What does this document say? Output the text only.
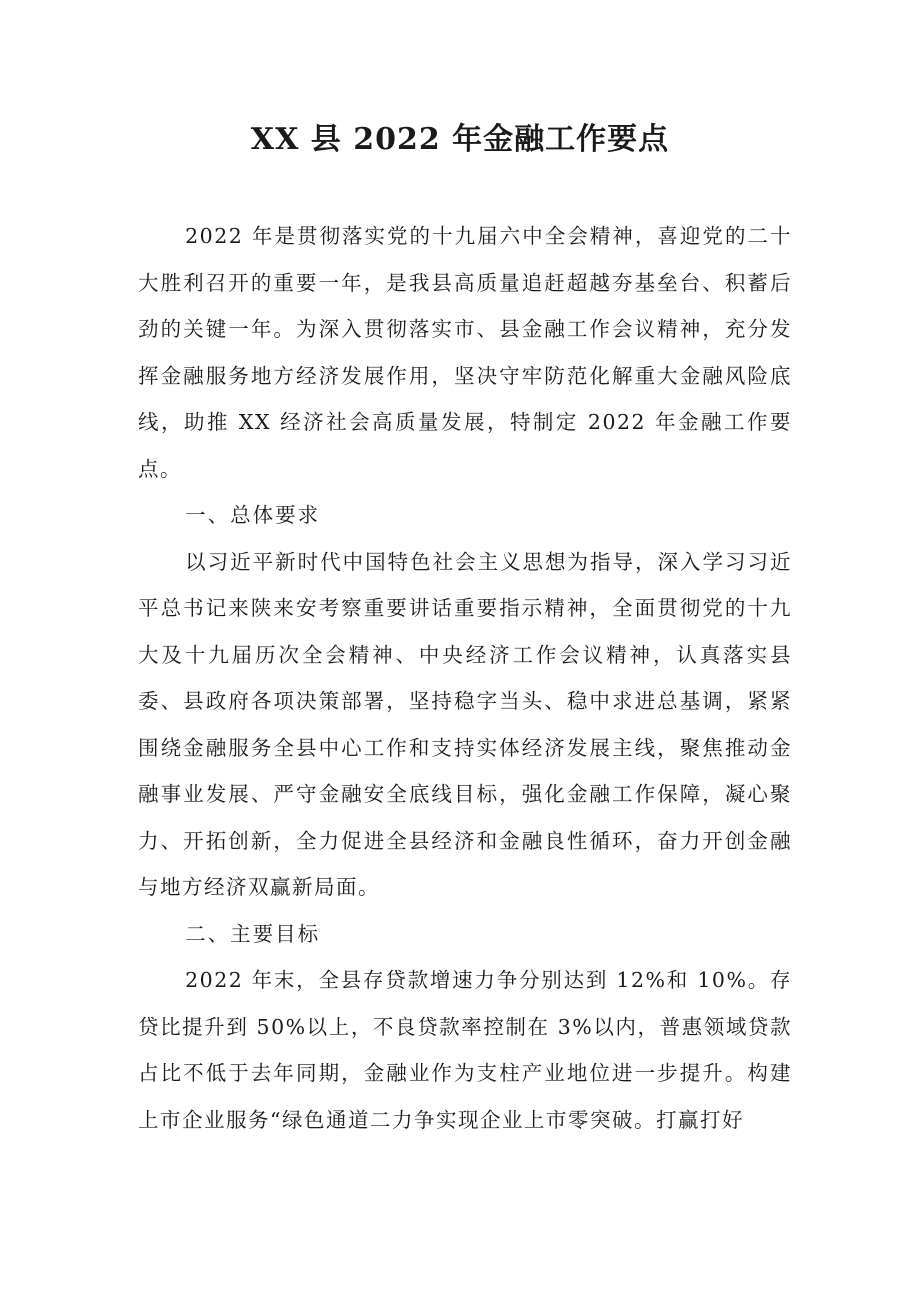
XX 县 2022 年金融工作要点

2022 年是贯彻落实党的十九届六中全会精神，喜迎党的二十大胜利召开的重要一年，是我县高质量追赶超越夯基垒台、积蓄后劲的关键一年。为深入贯彻落实市、县金融工作会议精神，充分发挥金融服务地方经济发展作用，坚决守牢防范化解重大金融风险底线，助推 XX 经济社会高质量发展，特制定 2022 年金融工作要点。

一、总体要求

以习近平新时代中国特色社会主义思想为指导，深入学习习近平总书记来陕来安考察重要讲话重要指示精神，全面贯彻党的十九大及十九届历次全会精神、中央经济工作会议精神，认真落实县委、县政府各项决策部署，坚持稳字当头、稳中求进总基调，紧紧围绕金融服务全县中心工作和支持实体经济发展主线，聚焦推动金融事业发展、严守金融安全底线目标，强化金融工作保障，凝心聚力、开拓创新，全力促进全县经济和金融良性循环，奋力开创金融与地方经济双赢新局面。

二、主要目标

2022 年末，全县存贷款增速力争分别达到 12%和 10%。存贷比提升到 50%以上，不良贷款率控制在 3%以内，普惠领域贷款占比不低于去年同期，金融业作为支柱产业地位进一步提升。构建上市企业服务“绿色通道二力争实现企业上市零突破。打赢打好
